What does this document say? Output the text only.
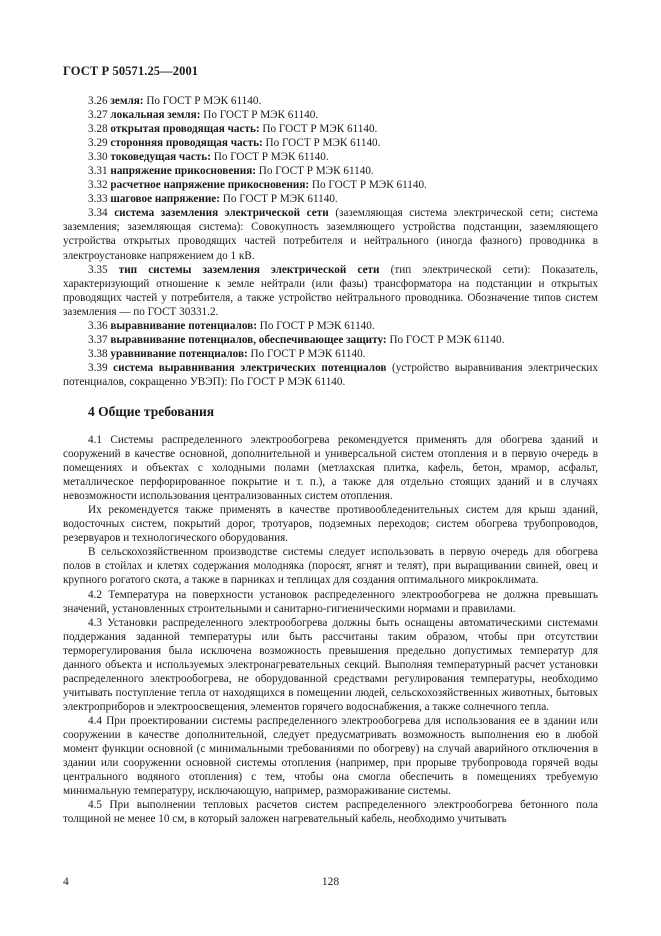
ГОСТ Р 50571.25—2001

3.26 земля: По ГОСТ Р МЭК 61140.

3.27 локальная земля: По ГОСТ Р МЭК 61140.

3.28 открытая проводящая часть: По ГОСТ Р МЭК 61140.

3.29 сторонняя проводящая часть: По ГОСТ Р МЭК 61140.

3.30 токоведущая часть: По ГОСТ Р МЭК 61140.

3.31 напряжение прикосновения: По ГОСТ Р МЭК 61140.

3.32 расчетное напряжение прикосновения: По ГОСТ Р МЭК 61140.

3.33 шаговое напряжение: По ГОСТ Р МЭК 61140.

3.34 система заземления электрической сети (заземляющая система электрической сети; система заземления; заземляющая система): Совокупность заземляющего устройства подстанции, заземляющего устройства открытых проводящих частей потребителя и нейтрального (иногда фазного) проводника в электроустановке напряжением до 1 кВ.

3.35 тип системы заземления электрической сети (тип электрической сети): Показатель, характеризующий отношение к земле нейтрали (или фазы) трансформатора на подстанции и открытых проводящих частей у потребителя, а также устройство нейтрального проводника. Обозначение типов систем заземления — по ГОСТ 30331.2.

3.36 выравнивание потенциалов: По ГОСТ Р МЭК 61140.

3.37 выравнивание потенциалов, обеспечивающее защиту: По ГОСТ Р МЭК 61140.

3.38 уравнивание потенциалов: По ГОСТ Р МЭК 61140.

3.39 система выравнивания электрических потенциалов (устройство выравнивания электрических потенциалов, сокращенно УВЭП): По ГОСТ Р МЭК 61140.

4 Общие требования

4.1 Системы распределенного электрообогрева рекомендуется применять для обогрева зданий и сооружений в качестве основной, дополнительной и универсальной систем отопления и в первую очередь в помещениях и объектах с холодными полами (метлахская плитка, кафель, бетон, мрамор, асфальт, металлическое перфорированное покрытие и т. п.), а также для отдельно стоящих зданий и в случаях невозможности использования централизованных систем отопления.

Их рекомендуется также применять в качестве противообледенительных систем для крыш зданий, водосточных систем, покрытий дорог, тротуаров, подземных переходов; систем обогрева трубопроводов, резервуаров и технологического оборудования.

В сельскохозяйственном производстве системы следует использовать в первую очередь для обогрева полов в стойлах и клетях содержания молодняка (поросят, ягнят и телят), при выращивании свиней, овец и крупного рогатого скота, а также в парниках и теплицах для создания оптимального микроклимата.

4.2 Температура на поверхности установок распределенного электрообогрева не должна превышать значений, установленных строительными и санитарно-гигиеническими нормами и правилами.

4.3 Установки распределенного электрообогрева должны быть оснащены автоматическими системами поддержания заданной температуры или быть рассчитаны таким образом, чтобы при отсутствии терморегулирования была исключена возможность превышения предельно допустимых температур для данного объекта и используемых электронагревательных секций. Выполняя температурный расчет установки распределенного электрообогрева, не оборудованной средствами регулирования температуры, необходимо учитывать поступление тепла от находящихся в помещении людей, сельскохозяйственных животных, бытовых электроприборов и электроосвещения, элементов горячего водоснабжения, а также солнечного тепла.

4.4 При проектировании системы распределенного электрообогрева для использования ее в здании или сооружении в качестве дополнительной, следует предусматривать возможность выполнения ею в любой момент функции основной (с минимальными требованиями по обогреву) на случай аварийного отключения в здании или сооружении основной системы отопления (например, при прорыве трубопровода горячей воды центрального водяного отопления) с тем, чтобы она смогла обеспечить в помещениях требуемую минимальную температуру, исключающую, например, размораживание системы.

4.5 При выполнении тепловых расчетов систем распределенного электрообогрева бетонного пола толщиной не менее 10 см, в который заложен нагревательный кабель, необходимо учитывать

4	128
